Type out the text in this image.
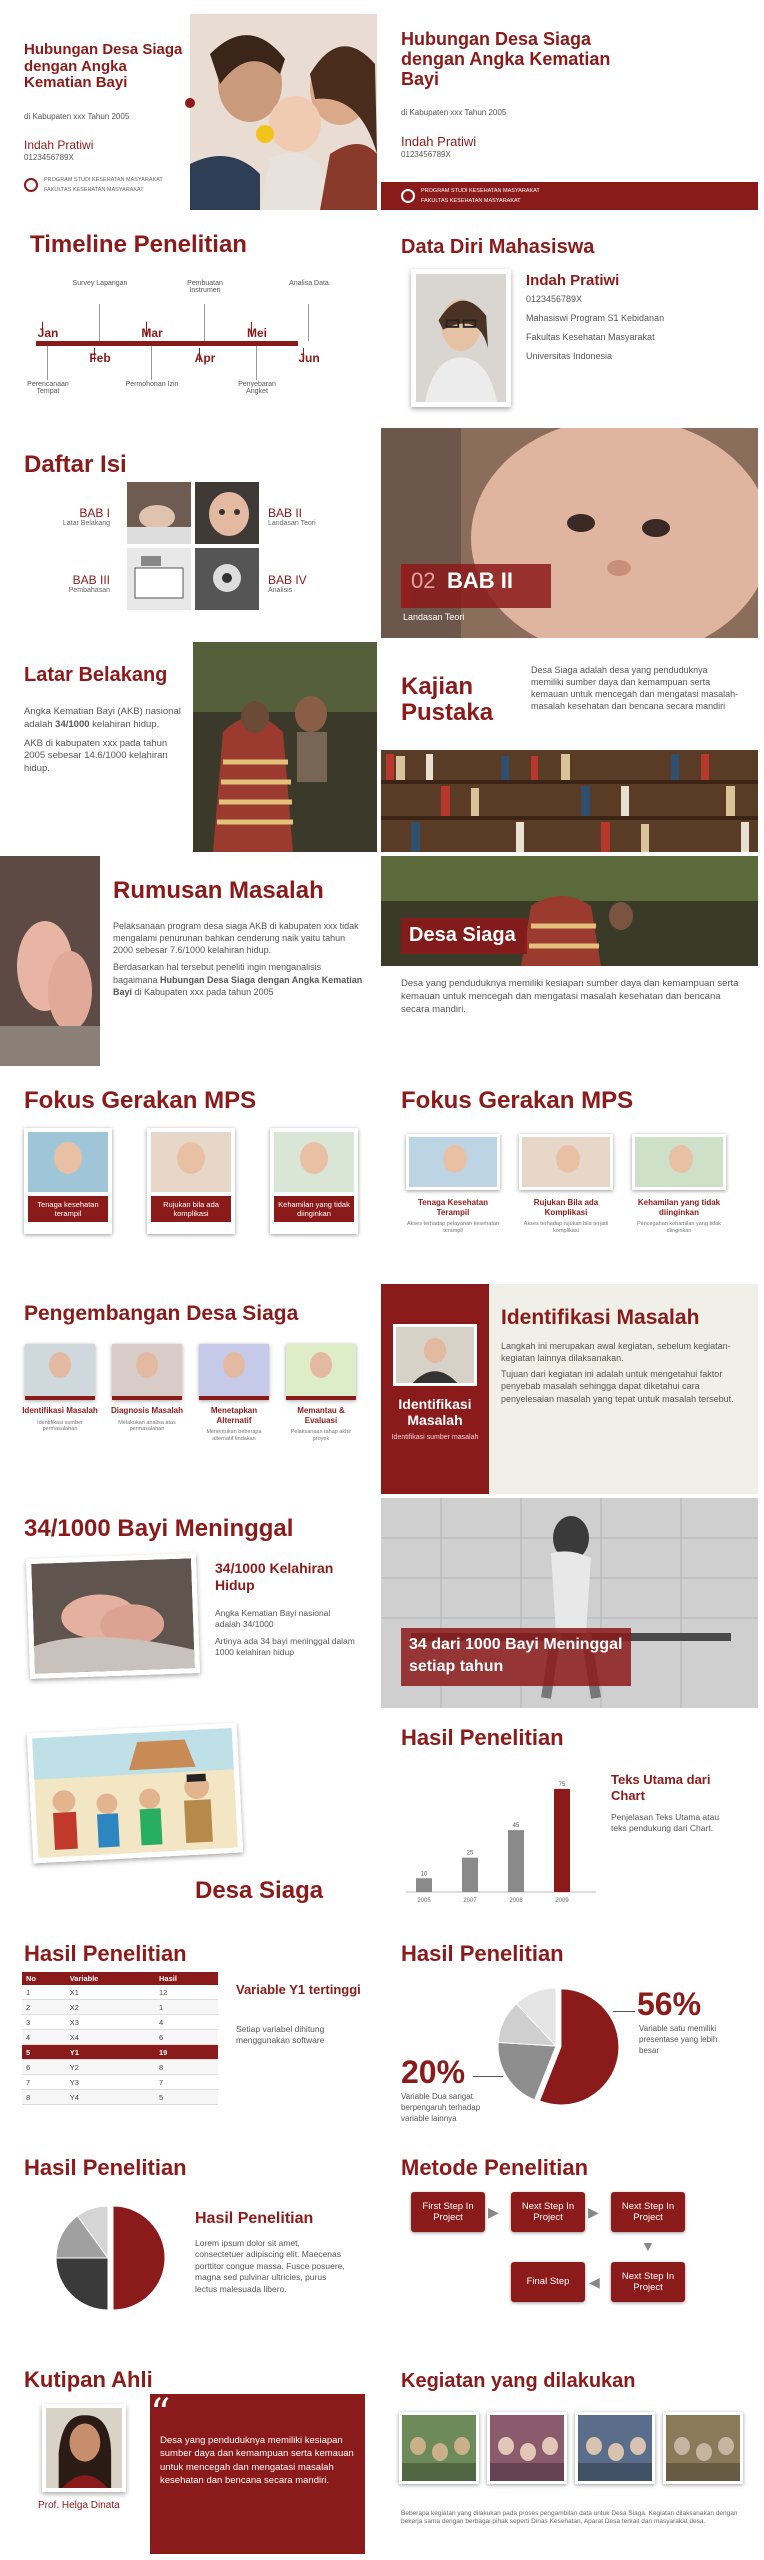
Hubungan Desa Siaga dengan Angka Kematian Bayi
di Kabupaten xxx Tahun 2005
Indah Pratiwi
0123456789X
PROGRAM STUDI KESEHATAN MASYARAKAT
FAKULTAS KESEHATAN MASYARAKAT
Hubungan Desa Siaga dengan Angka Kematian Bayi
di Kabupaten xxx Tahun 2005
Indah Pratiwi
0123456789X
PROGRAM STUDI KESEHATAN MASYARAKAT
FAKULTAS KESEHATAN MASYARAKAT
Timeline Penelitian
Jan
Feb
Mar
Apr
Mei
Jun
Survey Lapangan	Pembuatan Instrumen
Analisa Data
Perencanaan Tempat
Permohonan Izin	Penyebaran Angket
Data Diri Mahasiswa
Indah Pratiwi
0123456789X
Mahasiswi Program S1 Kebidanan
Fakultas Kesehatan Masyarakat
Universitas Indonesia
Daftar Isi
BAB I
Latar Belakang
BAB II
Landasan Teori
BAB III
Pembahasan
BAB IV
Analisis	02 BAB II
Landasan Teori
Latar Belakang

Angka Kematian Bayi (AKB) nasional adalah 34/1000 kelahiran hidup.

AKB di kabupaten xxx pada tahun 2005 sebesar 14.6/1000 kelahiran hidup.

Kajian Pustaka
Desa Siaga adalah desa yang penduduknya memiliki sumber daya dan kemampuan serta kemauan untuk mencegah dan mengatasi masalah-masalah kesehatan dan bencana secara mandiri
Rumusan Masalah

Pelaksanaan program desa siaga AKB di kabupaten xxx tidak mengalami penurunan bahkan cenderung naik yaitu tahun 2000 sebesar 7.6/1000 kelahiran hidup.

Berdasarkan hal tersebut peneliti ingin menganalisis bagaimana Hubungan Desa Siaga dengan Angka Kematian Bayi di Kabupaten xxx pada tahun 2005

Desa Siaga
Desa yang penduduknya memiliki kesiapan sumber daya dan kemampuan serta kemauan untuk mencegah dan mengatasi masalah kesehatan dan bencana secara mandiri.
Fokus Gerakan MPS
Tenaga kesehatan terampil
Rujukan bila ada komplikasi
Kehamilan yang tidak diinginkan
Fokus Gerakan MPS
Tenaga Kesehatan Terampil
Akses terhadap pelayanan kesehatan terampil
Rujukan Bila ada Komplikasi
Akses terhadap rujukan bila terjadi komplikasi
Kehamilan yang tidak diinginkan
Pencegahan kehamilan yang tidak diinginkan
Pengembangan Desa Siaga
Identifikasi Masalah
Identifikasi sumber permasalahan
Diagnosis Masalah
Melakukan analisa atas permasalahan
Menetapkan Alternatif
Menentukan beberapa alternatif tindakan
Memantau & Evaluasi
Pelaksanaan tahap akhir proyek
Identifikasi Masalah
Identifikasi sumber masalah
Identifikasi Masalah

Langkah ini merupakan awal kegiatan, sebelum kegiatan-kegiatan lainnya dilaksanakan.

Tujuan dari kegiatan ini adalah untuk mengetahui faktor penyebab masalah sehingga dapat diketahui cara penyelesaian masalah yang tepat untuk masalah tersebut.

34/1000 Bayi Meninggal
34/1000 Kelahiran Hidup
Angka Kematian Bayi nasional adalah 34/1000
Artinya ada 34 bayi meninggal dalam 1000 kelahiran hidup	34 dari 1000 Bayi Meninggal setiap tahun
Desa Siaga
Hasil Penelitian
10
2005
25
2007
45
2008
75
2009
Teks Utama dari Chart
Penjelasan Teks Utama atau teks pendukung dari Chart.
Hasil Penelitian
No	Variable	Hasil
1	X1	12
2	X2	1
3	X3	4
4	X4	6
5	Y1	19
6	Y2	8
7	Y3	7
8	Y4	5
Variable Y1 tertinggi
Setiap variabel dihitung menggunakan software
Hasil Penelitian
56%
Variable satu memiliki presentase yang lebih besar
20%
Variable Dua sangat berpengaruh terhadap variable lainnya
Hasil Penelitian
Hasil Penelitian
Lorem ipsum dolor sit amet, consectetuer adipiscing elit. Maecenas porttitor congue massa. Fusce posuere, magna sed pulvinar ultricies, purus lectus malesuada libero.
Metode Penelitian
First Step In Project
Next Step In Project
Next Step In Project
Next Step In Project
Final Step
▶	▶
▼
◀
Kutipan Ahli
Prof. Helga Dinata
“
Desa yang penduduknya memiliki kesiapan sumber daya dan kemampuan serta kemauan untuk mencegah dan mengatasi masalah kesehatan dan bencana secara mandiri.
Kegiatan yang dilakukan
Beberapa kegiatan yang dilakukan pada proses pengambilan data untuk Desa Siaga. Kegiatan dilaksanakan dengan bekerja sama dengan berbagai pihak seperti Dinas Kesehatan, Aparat Desa terkait dan masyarakat desa.
